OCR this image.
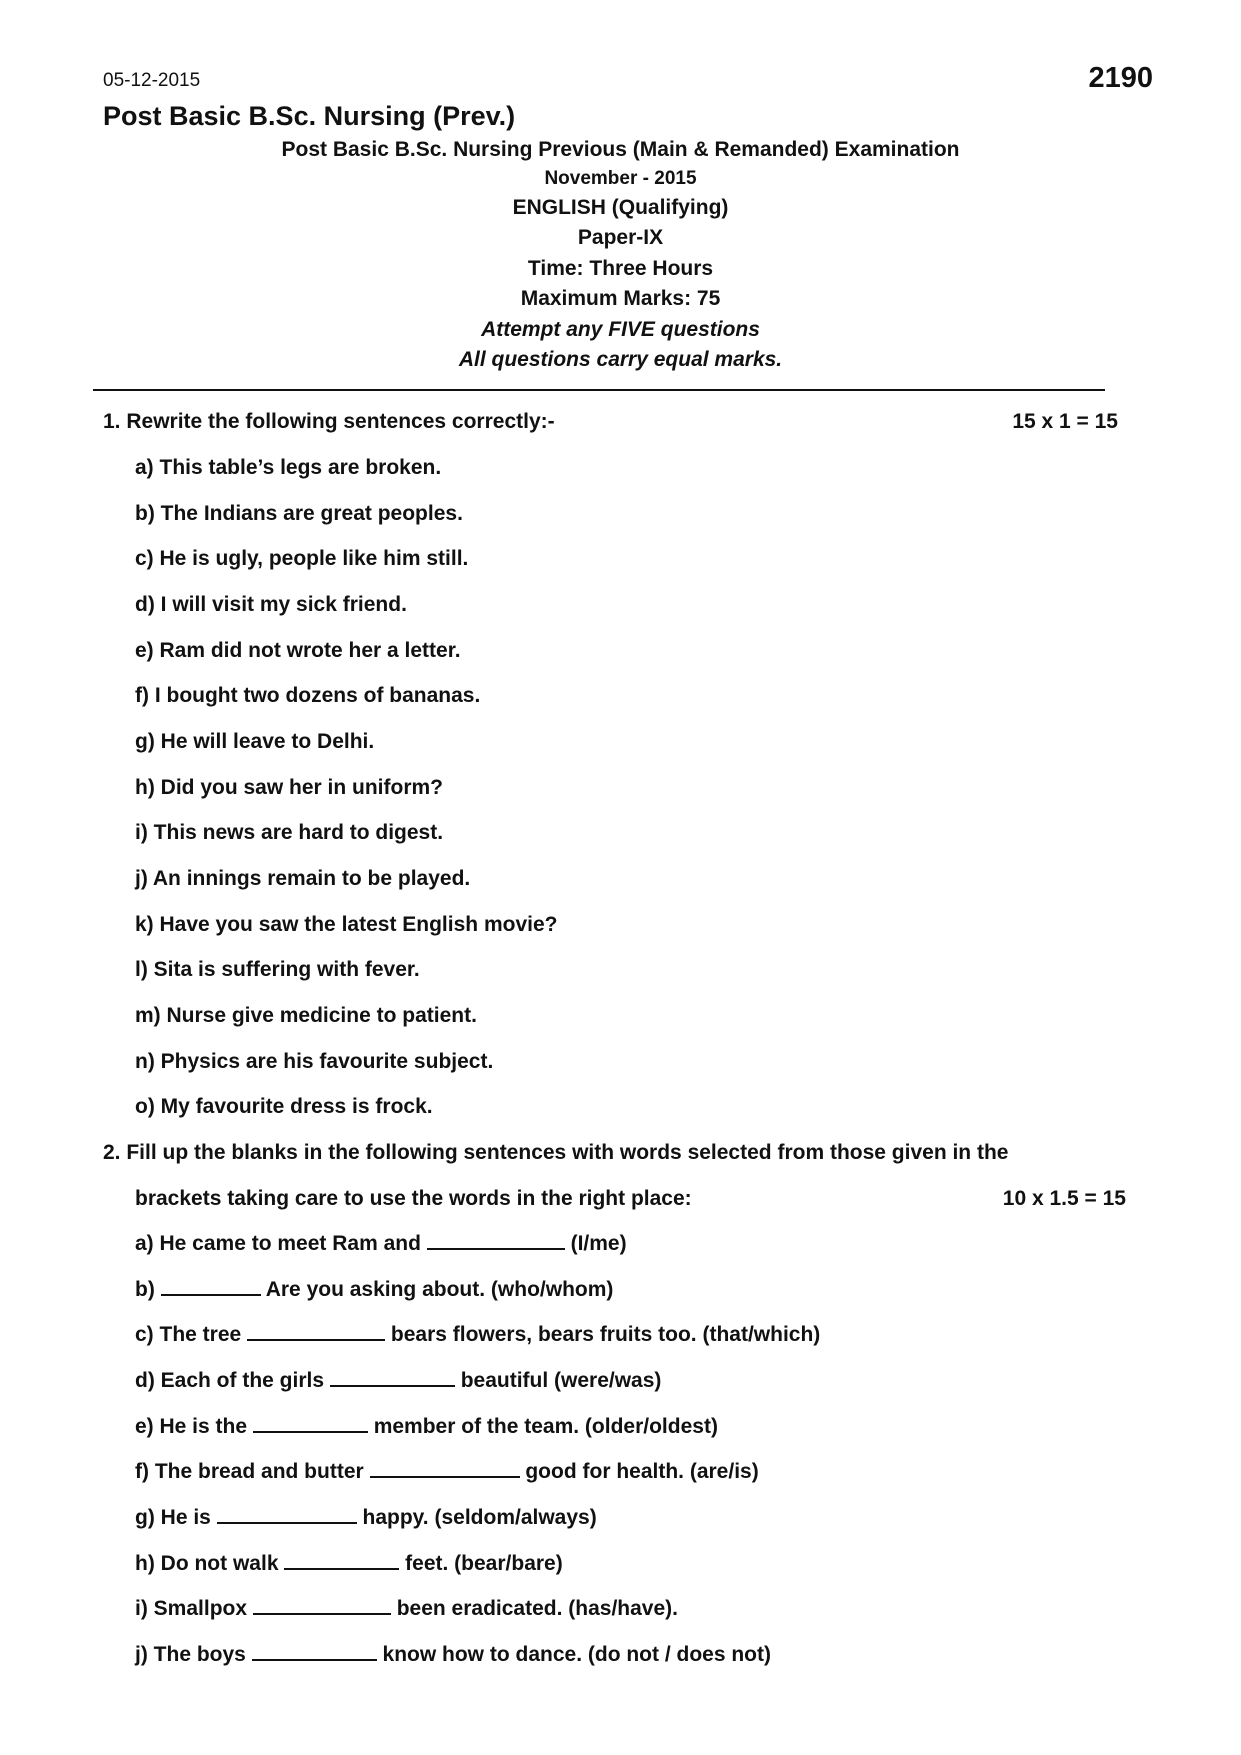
05-12-2015	2190
Post Basic B.Sc. Nursing (Prev.)
Post Basic B.Sc. Nursing Previous (Main & Remanded) Examination
November - 2015
ENGLISH (Qualifying)
Paper-IX
Time: Three Hours
Maximum Marks: 75
Attempt any FIVE questions
All questions carry equal marks.
1. Rewrite the following sentences correctly:-	15 x 1 = 15
a) This table’s legs are broken.
b) The Indians are great peoples.
c) He is ugly, people like him still.
d) I will visit my sick friend.
e) Ram did not wrote her a letter.
f) I bought two dozens of bananas.
g) He will leave to Delhi.
h) Did you saw her in uniform?
i) This news are hard to digest.
j) An innings remain to be played.
k) Have you saw the latest English movie?
l) Sita is suffering with fever.
m) Nurse give medicine to patient.
n) Physics are his favourite subject.
o) My favourite dress is frock.
2. Fill up the blanks in the following sentences with words selected from those given in the
brackets taking care to use the words in the right place:	10 x 1.5 = 15
a) He came to meet Ram and	(I/me)
b)	Are you asking about. (who/whom)
c) The tree	bears flowers, bears fruits too. (that/which)
d) Each of the girls	beautiful (were/was)
e) He is the	member of the team. (older/oldest)
f) The bread and butter	good for health. (are/is)
g) He is	happy. (seldom/always)
h) Do not walk	feet. (bear/bare)
i) Smallpox	been eradicated. (has/have).
j) The boys	know how to dance. (do not / does not)
